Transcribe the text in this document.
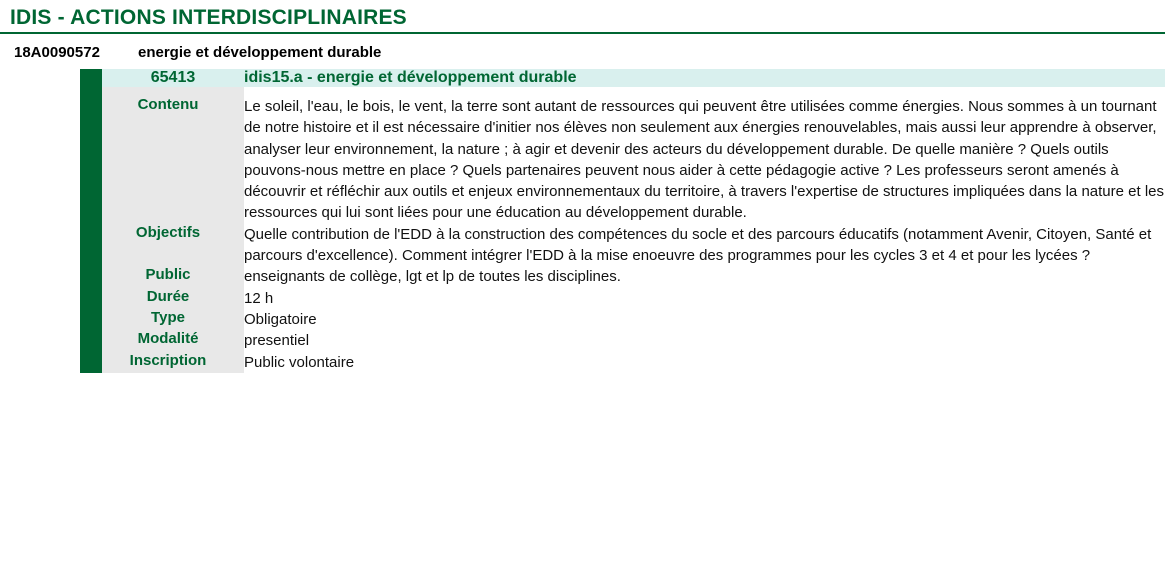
IDIS - ACTIONS INTERDISCIPLINAIRES
18A0090572	energie et développement durable
	65413	idis15.a - energie et développement durable

	Contenu	Le soleil, l'eau, le bois, le vent, la terre sont autant de ressources qui peuvent être utilisées comme énergies. Nous sommes à un tournant de notre histoire et il est nécessaire d'initier nos élèves non seulement aux énergies renouvelables, mais aussi leur apprendre à observer, analyser leur environnement, la nature ; à agir et devenir des acteurs du développement durable. De quelle manière ? Quels outils pouvons-nous mettre en place ? Quels partenaires peuvent nous aider à cette pédagogie active ? Les professeurs seront amenés à découvrir et réfléchir aux outils et enjeux environnementaux du territoire, à travers l'expertise de structures impliquées dans la nature et les ressources qui lui sont liées pour une éducation au développement durable.
	Objectifs	Quelle contribution de l'EDD à la construction des compétences du socle et des parcours éducatifs (notamment Avenir, Citoyen, Santé et parcours d'excellence). Comment intégrer l'EDD à la mise enoeuvre des programmes pour les cycles 3 et 4 et pour les lycées ?
	Public	enseignants de collège, lgt et lp de toutes les disciplines.
	Durée	12 h
	Type	Obligatoire
	Modalité	presentiel
	Inscription	Public volontaire
